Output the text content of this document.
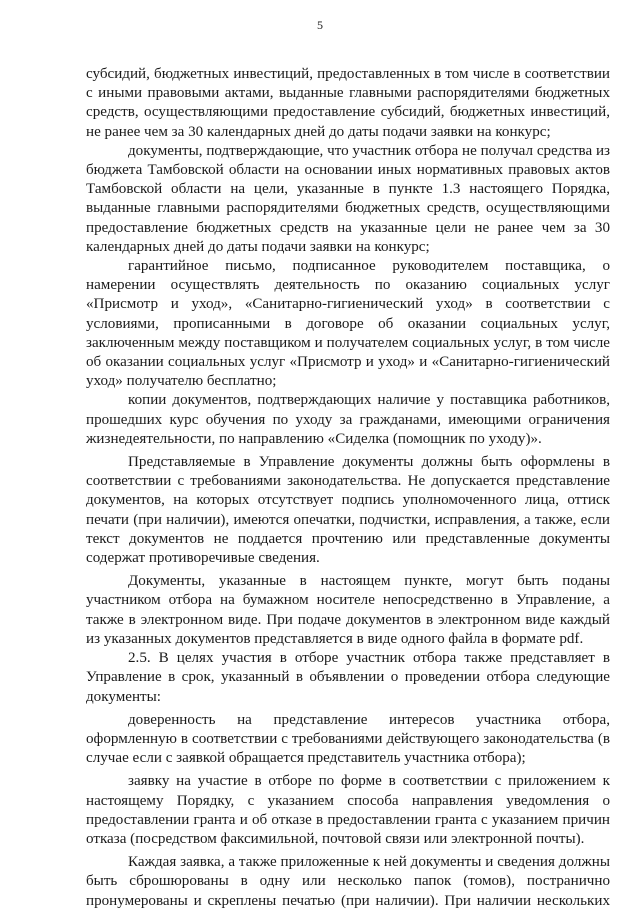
5

субсидий, бюджетных инвестиций, предоставленных в том числе в соответствии с иными правовыми актами, выданные главными распорядителями бюджетных средств, осуществляющими предоставление субсидий, бюджетных инвестиций, не ранее чем за 30 календарных дней до даты подачи заявки на конкурс;

документы, подтверждающие, что участник отбора не получал средства из бюджета Тамбовской области на основании иных нормативных правовых актов Тамбовской области на цели, указанные в пункте 1.3 настоящего Порядка, выданные главными распорядителями бюджетных средств, осуществляющими предоставление бюджетных средств на указанные цели не ранее чем за 30 календарных дней до даты подачи заявки на конкурс;

гарантийное письмо, подписанное руководителем поставщика, о намерении осуществлять деятельность по оказанию социальных услуг «Присмотр и уход», «Санитарно-гигиенический уход» в соответствии с условиями, прописанными в договоре об оказании социальных услуг, заключенным между поставщиком и получателем социальных услуг, в том числе об оказании социальных услуг «Присмотр и уход» и «Санитарно-гигиенический уход» получателю бесплатно;

копии документов, подтверждающих наличие у поставщика работников, прошедших курс обучения по уходу за гражданами, имеющими ограничения жизнедеятельности, по направлению «Сиделка (помощник по уходу)».

Представляемые в Управление документы должны быть оформлены в соответствии с требованиями законодательства. Не допускается представление документов, на которых отсутствует подпись уполномоченного лица, оттиск печати (при наличии), имеются опечатки, подчистки, исправления, а также, если текст документов не поддается прочтению или представленные документы содержат противоречивые сведения.

Документы, указанные в настоящем пункте, могут быть поданы участником отбора на бумажном носителе непосредственно в Управление, а также в электронном виде. При подаче документов в электронном виде каждый из указанных документов представляется в виде одного файла в формате pdf.

2.5. В целях участия в отборе участник отбора также представляет в Управление в срок, указанный в объявлении о проведении отбора следующие документы:

доверенность на представление интересов участника отбора, оформленную в соответствии с требованиями действующего законодательства (в случае если с заявкой обращается представитель участника отбора);

заявку на участие в отборе по форме в соответствии с приложением к настоящему Порядку, с указанием способа направления уведомления о предоставлении гранта и об отказе в предоставлении гранта с указанием причин отказа (посредством факсимильной, почтовой связи или электронной почты).

Каждая заявка, а также приложенные к ней документы и сведения должны быть сброшюрованы в одну или несколько папок (томов), постранично пронумерованы и скреплены печатью (при наличии). При наличии нескольких
